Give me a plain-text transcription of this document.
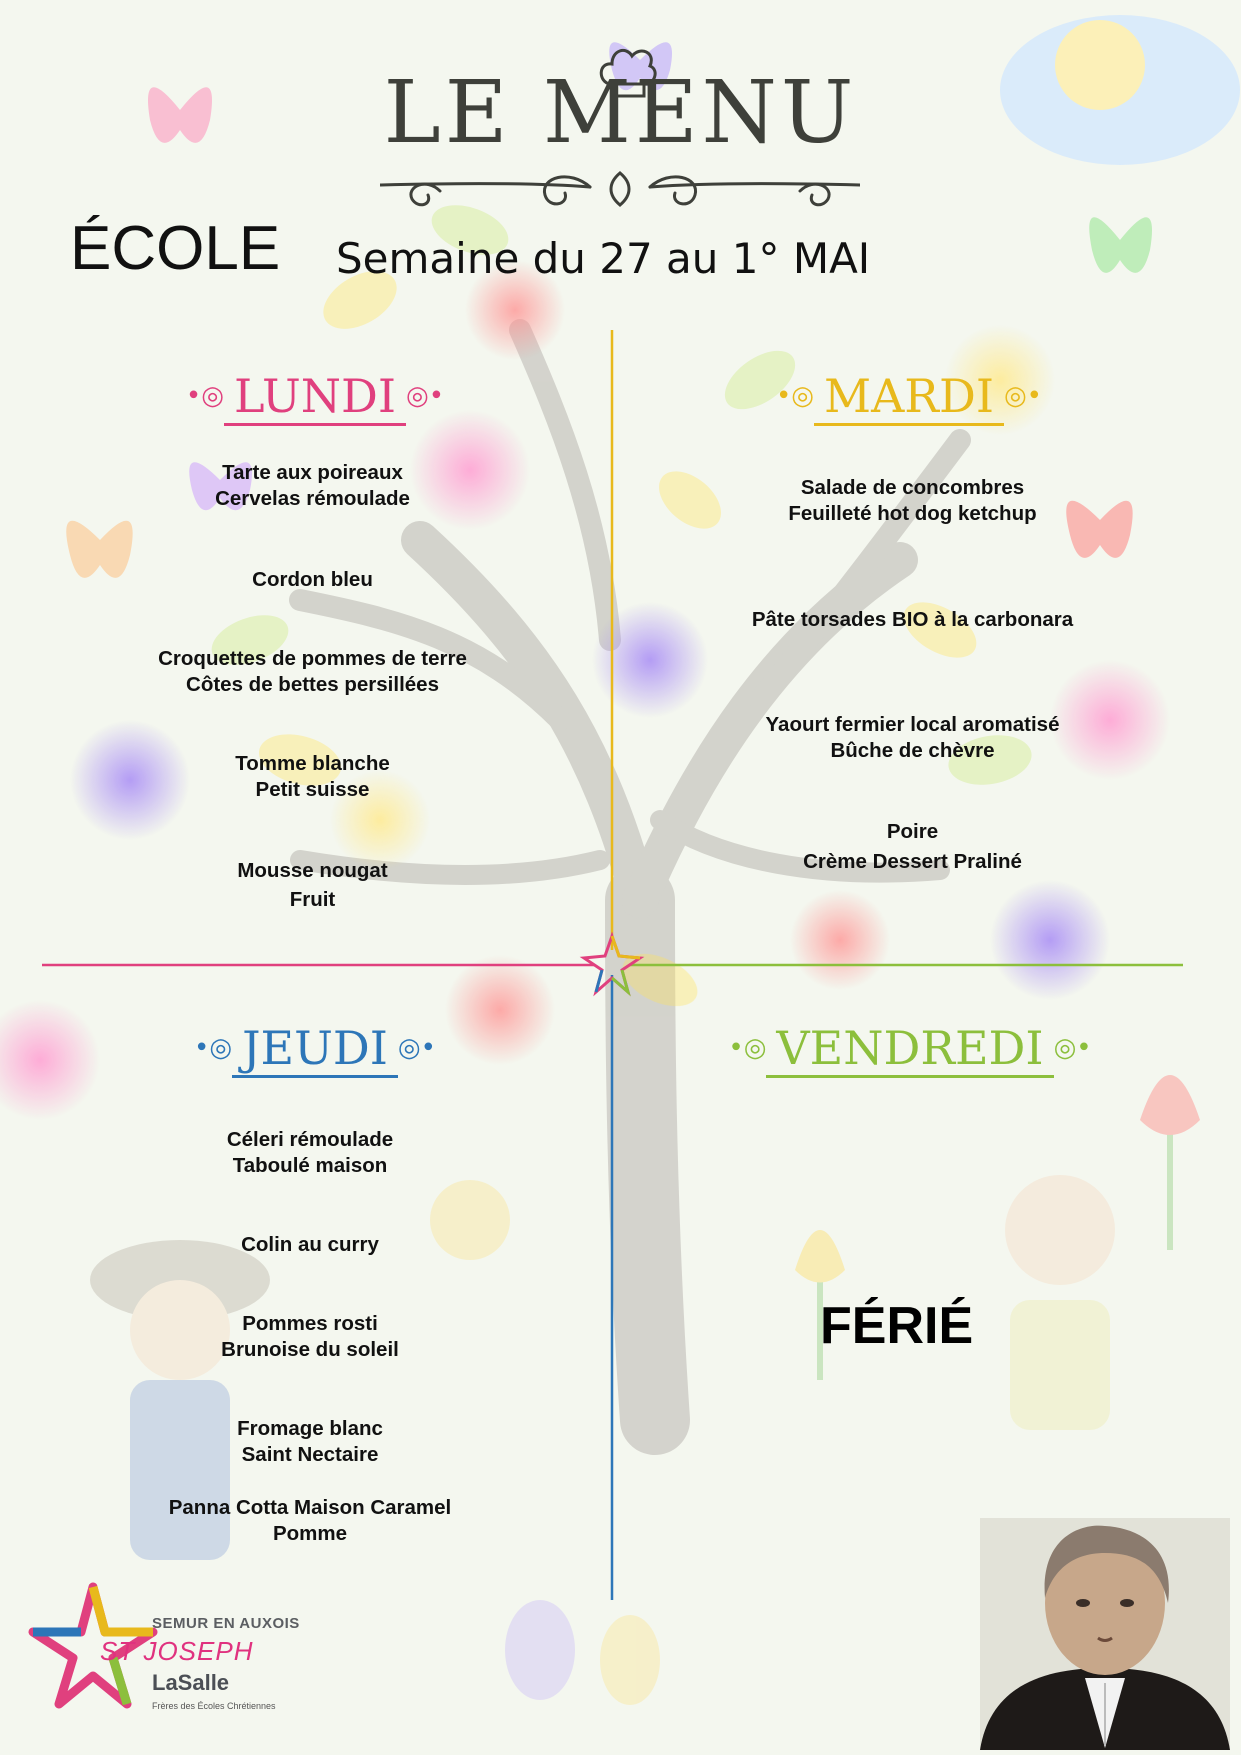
LE MENU
ÉCOLE Semaine du 27 au 1° MAI
•◎ LUNDI ◎•	•◎ MARDI ◎•
•◎ JEUDI ◎•	•◎ VENDREDI ◎•
Tarte aux poireaux
Cervelas rémoulade
Cordon bleu
Croquettes de pommes de terre
Côtes de bettes persillées
Tomme blanche
Petit suisse
Mousse nougat
Fruit
Salade de concombres
Feuilleté hot dog ketchup
Pâte torsades BIO à la carbonara
Yaourt fermier local aromatisé
Bûche de chèvre
Poire
Crème Dessert Praliné
Céleri rémoulade
Taboulé maison
Colin au curry
Pommes rosti
Brunoise du soleil
Fromage blanc
Saint Nectaire
Panna Cotta Maison Caramel
Pomme
FÉRIÉ
SEMUR EN AUXOIS
ST JOSEPH
LaSalle
Frères des Écoles Chrétiennes
